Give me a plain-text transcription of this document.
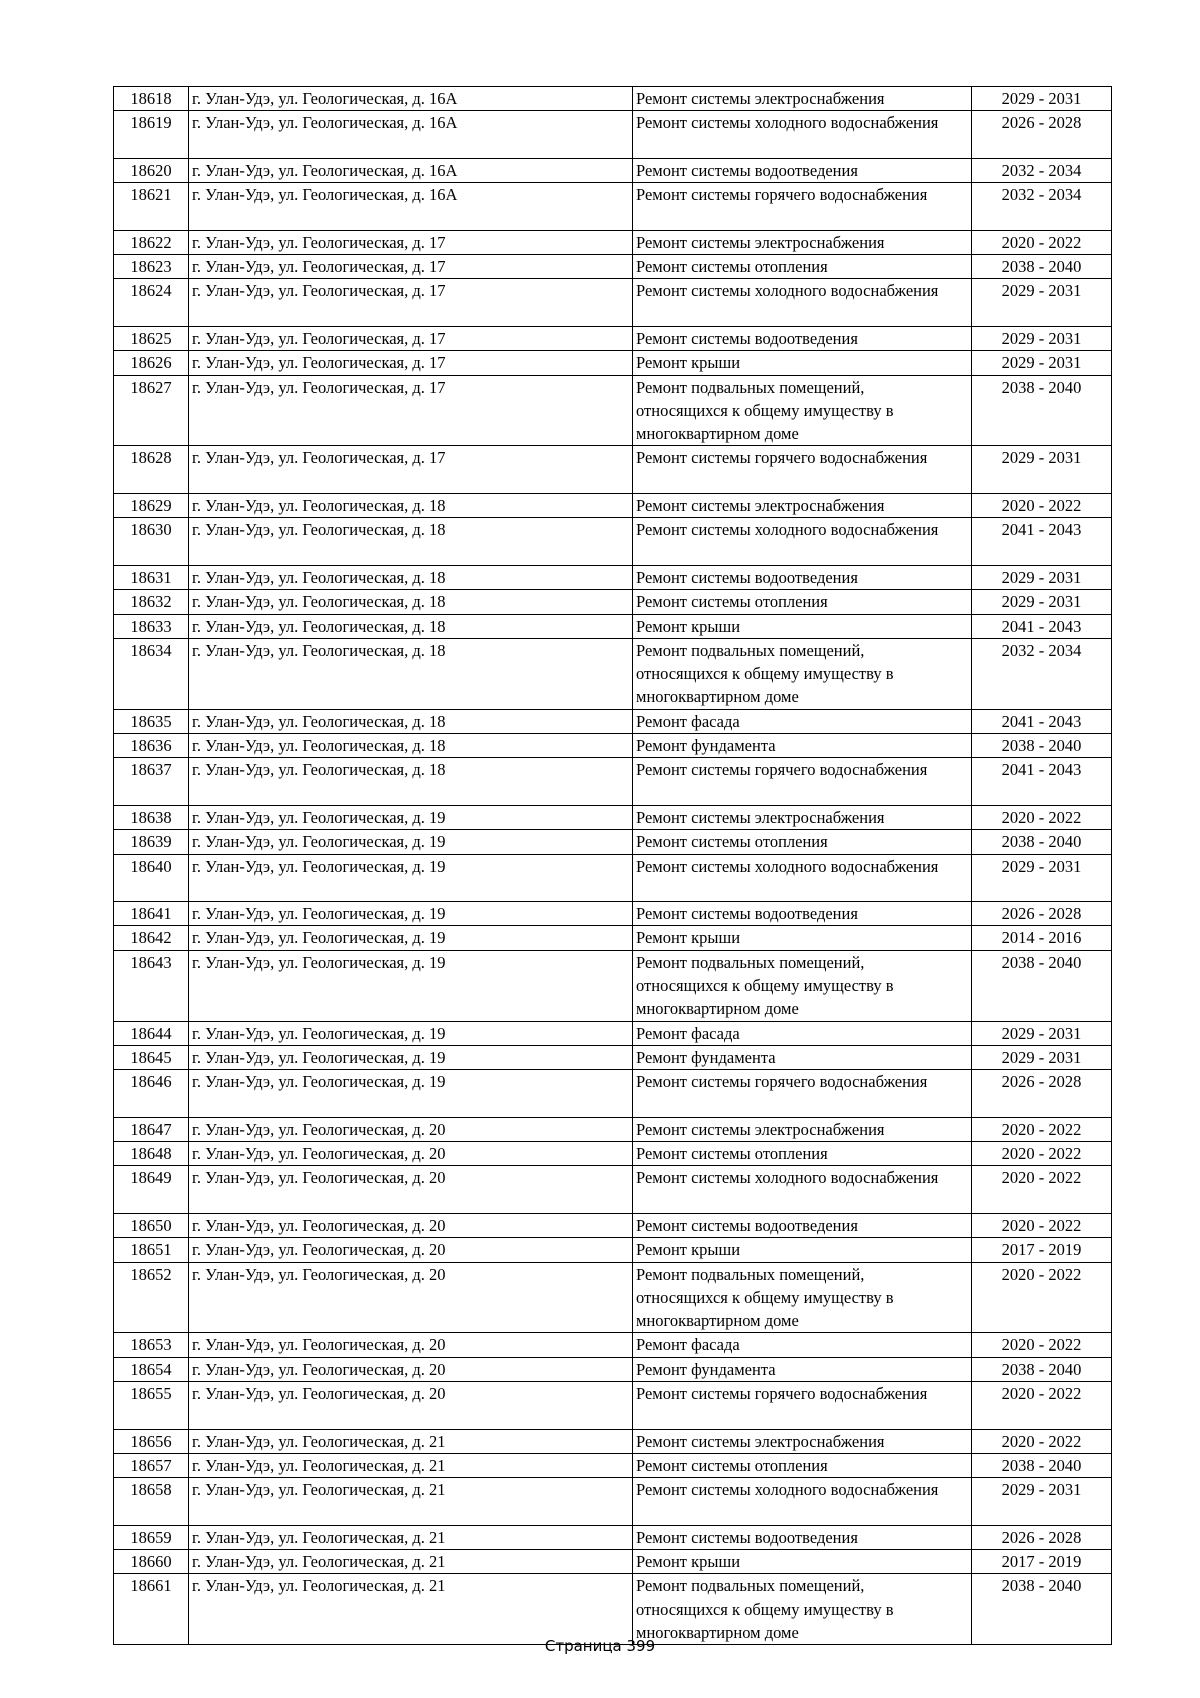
18618	г. Улан-Удэ, ул. Геологическая, д. 16А	Ремонт системы электроснабжения	2029 - 2031
18619	г. Улан-Удэ, ул. Геологическая, д. 16А	Ремонт системы холодного водоснабжения	2026 - 2028
18620	г. Улан-Удэ, ул. Геологическая, д. 16А	Ремонт системы водоотведения	2032 - 2034
18621	г. Улан-Удэ, ул. Геологическая, д. 16А	Ремонт системы горячего водоснабжения	2032 - 2034
18622	г. Улан-Удэ, ул. Геологическая, д. 17	Ремонт системы электроснабжения	2020 - 2022
18623	г. Улан-Удэ, ул. Геологическая, д. 17	Ремонт системы отопления	2038 - 2040
18624	г. Улан-Удэ, ул. Геологическая, д. 17	Ремонт системы холодного водоснабжения	2029 - 2031
18625	г. Улан-Удэ, ул. Геологическая, д. 17	Ремонт системы водоотведения	2029 - 2031
18626	г. Улан-Удэ, ул. Геологическая, д. 17	Ремонт крыши	2029 - 2031
18627	г. Улан-Удэ, ул. Геологическая, д. 17	Ремонт подвальных помещений,
относящихся к общему имуществу в
многоквартирном доме	2038 - 2040
18628	г. Улан-Удэ, ул. Геологическая, д. 17	Ремонт системы горячего водоснабжения	2029 - 2031
18629	г. Улан-Удэ, ул. Геологическая, д. 18	Ремонт системы электроснабжения	2020 - 2022
18630	г. Улан-Удэ, ул. Геологическая, д. 18	Ремонт системы холодного водоснабжения	2041 - 2043
18631	г. Улан-Удэ, ул. Геологическая, д. 18	Ремонт системы водоотведения	2029 - 2031
18632	г. Улан-Удэ, ул. Геологическая, д. 18	Ремонт системы отопления	2029 - 2031
18633	г. Улан-Удэ, ул. Геологическая, д. 18	Ремонт крыши	2041 - 2043
18634	г. Улан-Удэ, ул. Геологическая, д. 18	Ремонт подвальных помещений,
относящихся к общему имуществу в
многоквартирном доме	2032 - 2034
18635	г. Улан-Удэ, ул. Геологическая, д. 18	Ремонт фасада	2041 - 2043
18636	г. Улан-Удэ, ул. Геологическая, д. 18	Ремонт фундамента	2038 - 2040
18637	г. Улан-Удэ, ул. Геологическая, д. 18	Ремонт системы горячего водоснабжения	2041 - 2043
18638	г. Улан-Удэ, ул. Геологическая, д. 19	Ремонт системы электроснабжения	2020 - 2022
18639	г. Улан-Удэ, ул. Геологическая, д. 19	Ремонт системы отопления	2038 - 2040
18640	г. Улан-Удэ, ул. Геологическая, д. 19	Ремонт системы холодного водоснабжения	2029 - 2031
18641	г. Улан-Удэ, ул. Геологическая, д. 19	Ремонт системы водоотведения	2026 - 2028
18642	г. Улан-Удэ, ул. Геологическая, д. 19	Ремонт крыши	2014 - 2016
18643	г. Улан-Удэ, ул. Геологическая, д. 19	Ремонт подвальных помещений,
относящихся к общему имуществу в
многоквартирном доме	2038 - 2040
18644	г. Улан-Удэ, ул. Геологическая, д. 19	Ремонт фасада	2029 - 2031
18645	г. Улан-Удэ, ул. Геологическая, д. 19	Ремонт фундамента	2029 - 2031
18646	г. Улан-Удэ, ул. Геологическая, д. 19	Ремонт системы горячего водоснабжения	2026 - 2028
18647	г. Улан-Удэ, ул. Геологическая, д. 20	Ремонт системы электроснабжения	2020 - 2022
18648	г. Улан-Удэ, ул. Геологическая, д. 20	Ремонт системы отопления	2020 - 2022
18649	г. Улан-Удэ, ул. Геологическая, д. 20	Ремонт системы холодного водоснабжения	2020 - 2022
18650	г. Улан-Удэ, ул. Геологическая, д. 20	Ремонт системы водоотведения	2020 - 2022
18651	г. Улан-Удэ, ул. Геологическая, д. 20	Ремонт крыши	2017 - 2019
18652	г. Улан-Удэ, ул. Геологическая, д. 20	Ремонт подвальных помещений,
относящихся к общему имуществу в
многоквартирном доме	2020 - 2022
18653	г. Улан-Удэ, ул. Геологическая, д. 20	Ремонт фасада	2020 - 2022
18654	г. Улан-Удэ, ул. Геологическая, д. 20	Ремонт фундамента	2038 - 2040
18655	г. Улан-Удэ, ул. Геологическая, д. 20	Ремонт системы горячего водоснабжения	2020 - 2022
18656	г. Улан-Удэ, ул. Геологическая, д. 21	Ремонт системы электроснабжения	2020 - 2022
18657	г. Улан-Удэ, ул. Геологическая, д. 21	Ремонт системы отопления	2038 - 2040
18658	г. Улан-Удэ, ул. Геологическая, д. 21	Ремонт системы холодного водоснабжения	2029 - 2031
18659	г. Улан-Удэ, ул. Геологическая, д. 21	Ремонт системы водоотведения	2026 - 2028
18660	г. Улан-Удэ, ул. Геологическая, д. 21	Ремонт крыши	2017 - 2019
18661	г. Улан-Удэ, ул. Геологическая, д. 21	Ремонт подвальных помещений,
относящихся к общему имуществу в
многоквартирном доме	2038 - 2040
Страница 399
